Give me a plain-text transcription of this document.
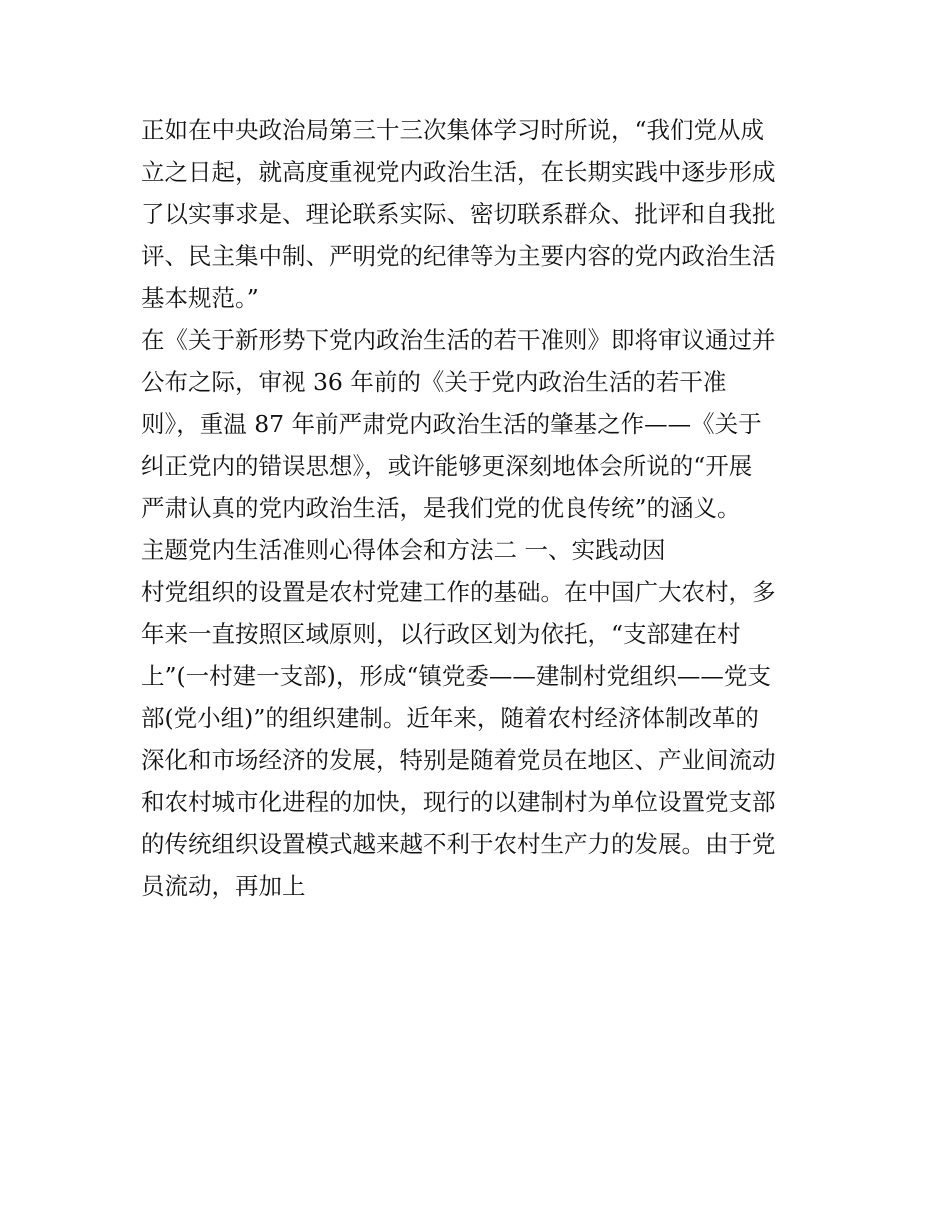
正如在中央政治局第三十三次集体学习时所说，“我们党从成
立之日起，就高度重视党内政治生活，在长期实践中逐步形成
了以实事求是、理论联系实际、密切联系群众、批评和自我批
评、民主集中制、严明党的纪律等为主要内容的党内政治生活
基本规范。”
在《关于新形势下党内政治生活的若干准则》即将审议通过并
公布之际，审视 36 年前的《关于党内政治生活的若干准
则》，重温 87 年前严肃党内政治生活的肇基之作——《关于
纠正党内的错误思想》，或许能够更深刻地体会所说的“开展
严肃认真的党内政治生活，是我们党的优良传统”的涵义。
主题党内生活准则心得体会和方法二 一、实践动因
村党组织的设置是农村党建工作的基础。在中国广大农村，多
年来一直按照区域原则，以行政区划为依托，“支部建在村
上”(一村建一支部)，形成“镇党委——建制村党组织——党支
部(党小组)”的组织建制。近年来，随着农村经济体制改革的
深化和市场经济的发展，特别是随着党员在地区、产业间流动
和农村城市化进程的加快，现行的以建制村为单位设置党支部
的传统组织设置模式越来越不利于农村生产力的发展。由于党
员流动，再加上
